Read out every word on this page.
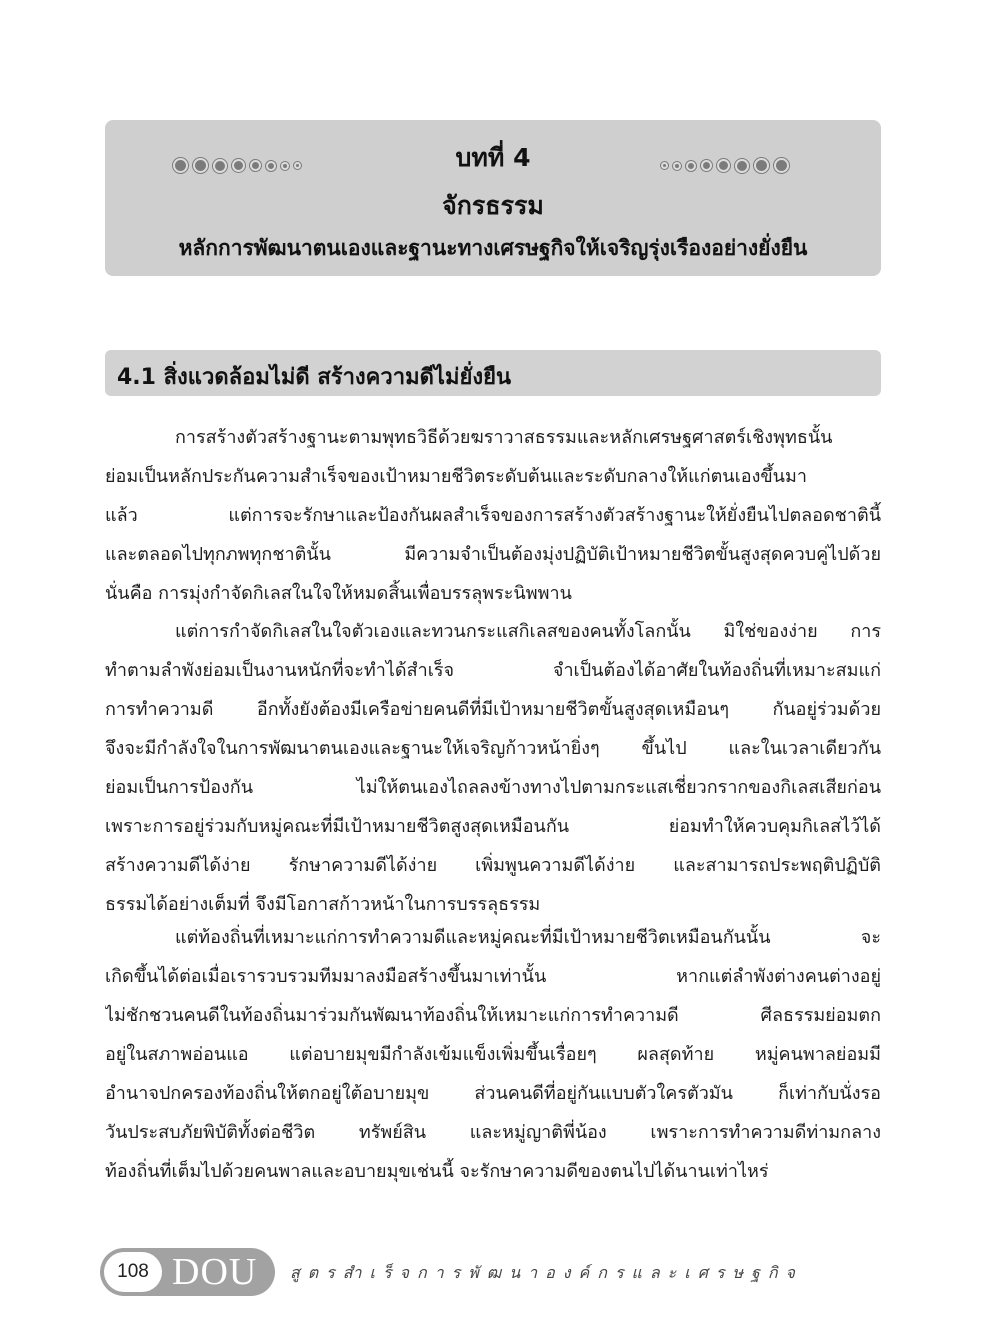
บทที่ 4
จักรธรรม
หลักการพัฒนาตนเองและฐานะทางเศรษฐกิจให้เจริญรุ่งเรืองอย่างยั่งยืน
4.1 สิ่งแวดล้อมไม่ดี สร้างความดีไม่ยั่งยืน
การสร้างตัวสร้างฐานะตามพุทธวิธีด้วยฆราวาสธรรมและหลักเศรษฐศาสตร์เชิงพุทธนั้น
ย่อมเป็นหลักประกันความสำเร็จของเป้าหมายชีวิตระดับต้นและระดับกลางให้แก่ตนเองขึ้นมา
แล้ว แต่การจะรักษาและป้องกันผลสำเร็จของการสร้างตัวสร้างฐานะให้ยั่งยืนไปตลอดชาตินี้
และตลอดไปทุกภพทุกชาตินั้น มีความจำเป็นต้องมุ่งปฏิบัติเป้าหมายชีวิตขั้นสูงสุดควบคู่ไปด้วย
นั่นคือ การมุ่งกำจัดกิเลสในใจให้หมดสิ้นเพื่อบรรลุพระนิพพาน
แต่การกำจัดกิเลสในใจตัวเองและทวนกระแสกิเลสของคนทั้งโลกนั้น มิใช่ของง่าย การ
ทำตามลำพังย่อมเป็นงานหนักที่จะทำได้สำเร็จ จำเป็นต้องได้อาศัยในท้องถิ่นที่เหมาะสมแก่
การทำความดี อีกทั้งยังต้องมีเครือข่ายคนดีที่มีเป้าหมายชีวิตขั้นสูงสุดเหมือนๆ กันอยู่ร่วมด้วย
จึงจะมีกำลังใจในการพัฒนาตนเองและฐานะให้เจริญก้าวหน้ายิ่งๆ ขึ้นไป และในเวลาเดียวกัน
ย่อมเป็นการป้องกัน ไม่ให้ตนเองไถลลงข้างทางไปตามกระแสเชี่ยวกรากของกิเลสเสียก่อน
เพราะการอยู่ร่วมกับหมู่คณะที่มีเป้าหมายชีวิตสูงสุดเหมือนกัน ย่อมทำให้ควบคุมกิเลสไว้ได้
สร้างความดีได้ง่าย รักษาความดีได้ง่าย เพิ่มพูนความดีได้ง่าย และสามารถประพฤติปฏิบัติ
ธรรมได้อย่างเต็มที่ จึงมีโอกาสก้าวหน้าในการบรรลุธรรม
แต่ท้องถิ่นที่เหมาะแก่การทำความดีและหมู่คณะที่มีเป้าหมายชีวิตเหมือนกันนั้น จะ
เกิดขึ้นได้ต่อเมื่อเรารวบรวมทีมมาลงมือสร้างขึ้นมาเท่านั้น หากแต่ลำพังต่างคนต่างอยู่
ไม่ชักชวนคนดีในท้องถิ่นมาร่วมกันพัฒนาท้องถิ่นให้เหมาะแก่การทำความดี ศีลธรรมย่อมตก
อยู่ในสภาพอ่อนแอ แต่อบายมุขมีกำลังเข้มแข็งเพิ่มขึ้นเรื่อยๆ ผลสุดท้าย หมู่คนพาลย่อมมี
อำนาจปกครองท้องถิ่นให้ตกอยู่ใต้อบายมุข ส่วนคนดีที่อยู่กันแบบตัวใครตัวมัน ก็เท่ากับนั่งรอ
วันประสบภัยพิบัติทั้งต่อชีวิต ทรัพย์สิน และหมู่ญาติพี่น้อง เพราะการทำความดีท่ามกลาง
ท้องถิ่นที่เต็มไปด้วยคนพาลและอบายมุขเช่นนี้ จะรักษาความดีของตนไปได้นานเท่าไหร่
108 DOU สูตรสำเร็จการพัฒนาองค์กรและเศรษฐกิจ
